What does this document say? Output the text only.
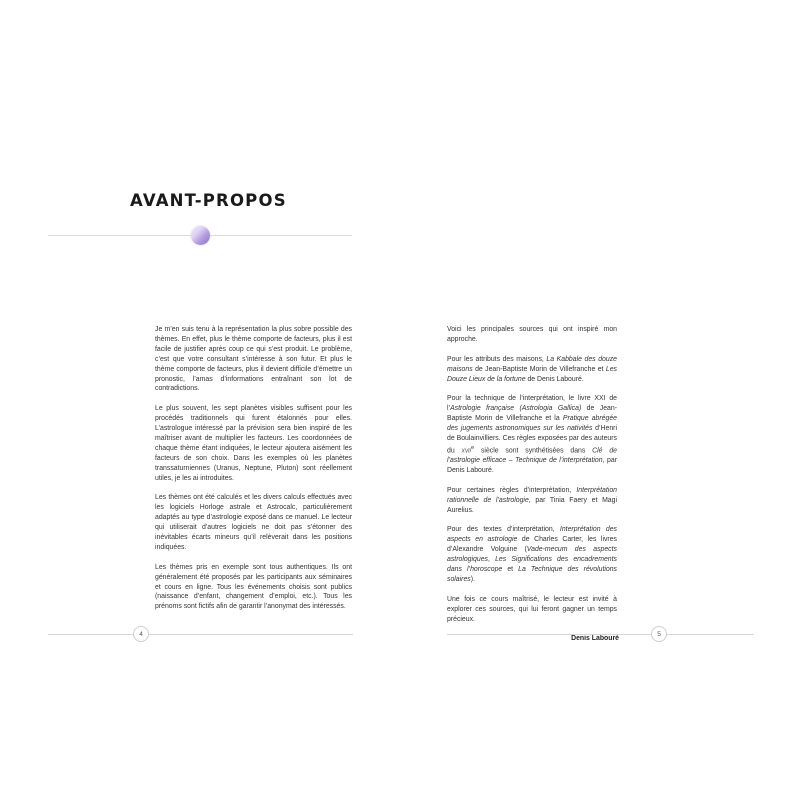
AVANT-PROPOS

Je m’en suis tenu à la représentation la plus sobre possible des thèmes. En effet, plus le thème comporte de facteurs, plus il est facile de justifier après coup ce qui s’est produit. Le problème, c’est que votre consultant s’intéresse à son futur. Et plus le thème comporte de facteurs, plus il devient difficile d’émettre un pronostic, l’amas d’informations entraînant son lot de contradictions.

Le plus souvent, les sept planètes visibles suffisent pour les procédés traditionnels qui furent étalonnés pour elles. L’astrologue intéressé par la prévision sera bien inspiré de les maîtriser avant de multiplier les facteurs. Les coordonnées de chaque thème étant indiquées, le lecteur ajoutera aisément les facteurs de son choix. Dans les exemples où les planètes transsaturniennes (Uranus, Neptune, Pluton) sont réellement utiles, je les ai introduites.

Les thèmes ont été calculés et les divers calculs effectués avec les logiciels Horloge astrale et Astrocalc, particulièrement adaptés au type d’astrologie exposé dans ce manuel. Le lecteur qui utiliserait d’autres logiciels ne doit pas s’étonner des inévitables écarts mineurs qu’il relèverait dans les positions indiquées.

Les thèmes pris en exemple sont tous authentiques. Ils ont généralement été proposés par les participants aux séminaires et cours en ligne. Tous les événements choisis sont publics (naissance d’enfant, changement d’emploi, etc.). Tous les prénoms sont fictifs afin de garantir l’anonymat des intéressés.

4

Voici les principales sources qui ont inspiré mon approche.

Pour les attributs des maisons, La Kabbale des douze maisons de Jean-Baptiste Morin de Villefranche et Les Douze Lieux de la fortune de Denis Labouré.

Pour la technique de l’interprétation, le livre XXI de l’Astrologie française (Astrologia Gallica) de Jean-Baptiste Morin de Villefranche et la Pratique abrégée des jugements astronomiques sur les nativités d’Henri de Boulainvilliers. Ces règles exposées par des auteurs du xvii$^e$ siècle sont synthétisées dans Clé de l’astrologie efficace – Technique de l’interprétation, par Denis Labouré.

Pour certaines règles d’interprétation, Interprétation rationnelle de l’astrologie, par Tinia Faery et Magi Aurelius.

Pour des textes d’interprétation, Interprétation des aspects en astrologie de Charles Carter, les livres d’Alexandre Volguine (Vade-mecum des aspects astrologiques, Les Significations des encadrements dans l’horoscope et La Technique des révolutions solaires).

Une fois ce cours maîtrisé, le lecteur est invité à explorer ces sources, qui lui feront gagner un temps précieux.

Denis Labouré
5
